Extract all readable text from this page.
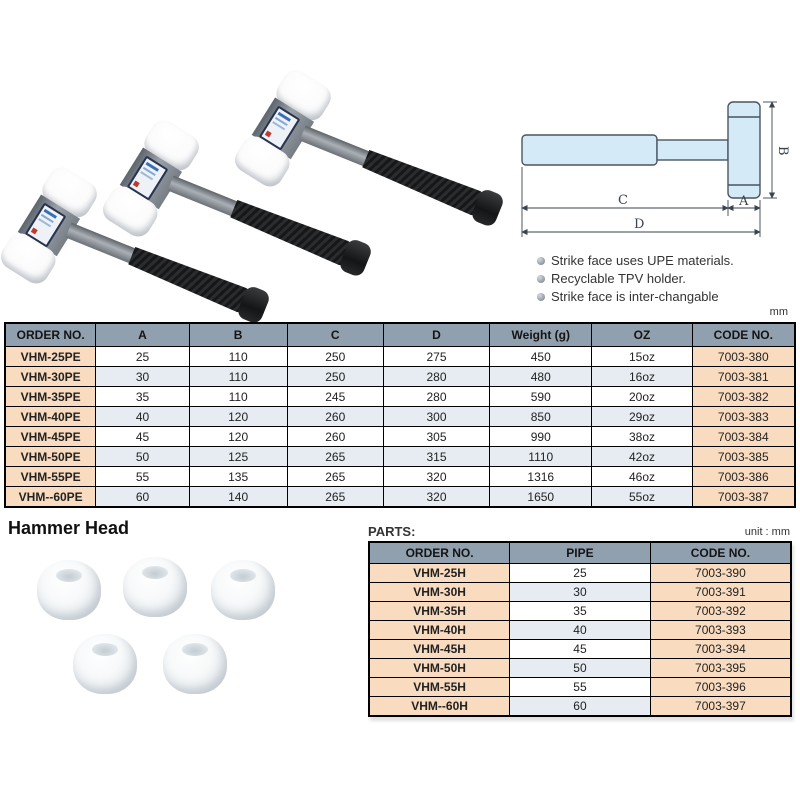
B
C	A
D
Strike face uses UPE materials.
Recyclable TPV holder.
Strike face is inter-changable
mm
ORDER NO.	A	B	C	D	Weight (g)	OZ	CODE NO.
VHM-25PE	25	110	250	275	450	15oz	7003-380
VHM-30PE	30	110	250	280	480	16oz	7003-381
VHM-35PE	35	110	245	280	590	20oz	7003-382
VHM-40PE	40	120	260	300	850	29oz	7003-383
VHM-45PE	45	120	260	305	990	38oz	7003-384
VHM-50PE	50	125	265	315	1110	42oz	7003-385
VHM-55PE	55	135	265	320	1316	46oz	7003-386
VHM--60PE	60	140	265	320	1650	55oz	7003-387
Hammer Head	PARTS:	unit : mm
ORDER NO.	PIPE	CODE NO.
VHM-25H	25	7003-390
VHM-30H	30	7003-391
VHM-35H	35	7003-392
VHM-40H	40	7003-393
VHM-45H	45	7003-394
VHM-50H	50	7003-395
VHM-55H	55	7003-396
VHM--60H	60	7003-397
